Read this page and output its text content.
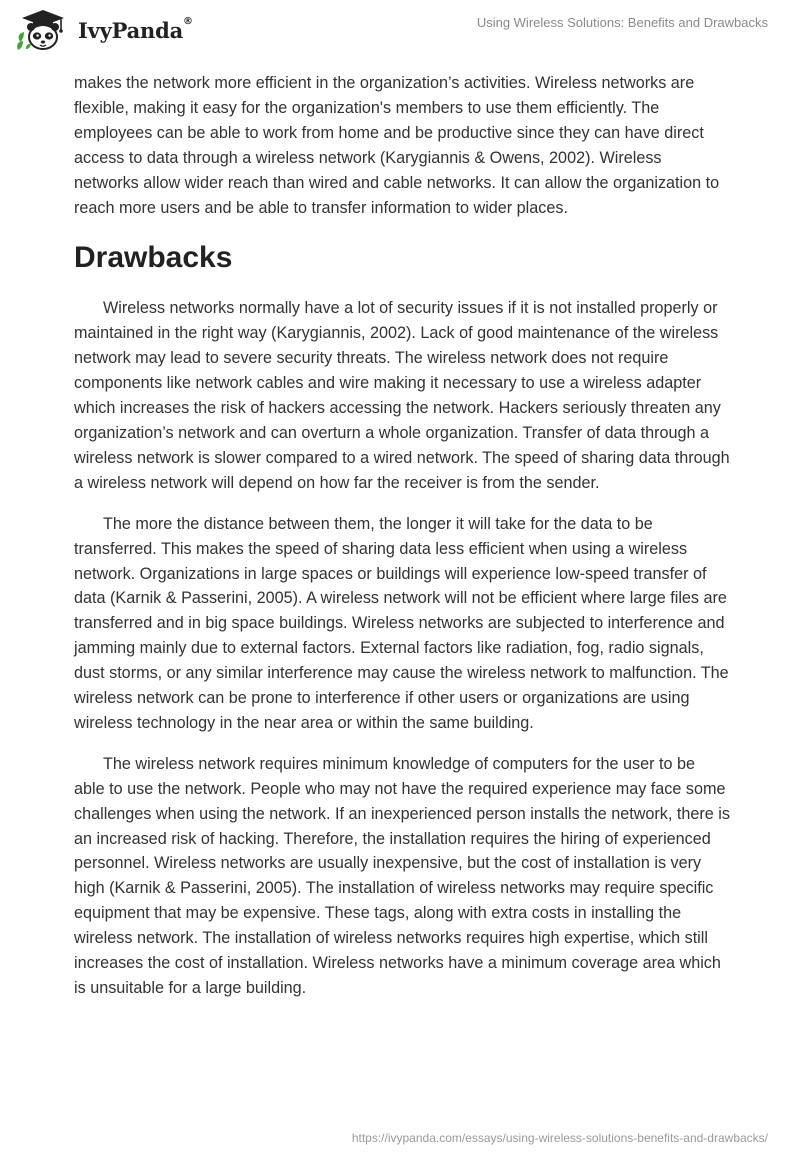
IvyPanda®	Using Wireless Solutions: Benefits and Drawbacks

makes the network more efficient in the organization’s activities. Wireless networks are flexible, making it easy for the organization's members to use them efficiently. The employees can be able to work from home and be productive since they can have direct access to data through a wireless network (Karygiannis & Owens, 2002). Wireless networks allow wider reach than wired and cable networks. It can allow the organization to reach more users and be able to transfer information to wider places.

Drawbacks

Wireless networks normally have a lot of security issues if it is not installed properly or maintained in the right way (Karygiannis, 2002). Lack of good maintenance of the wireless network may lead to severe security threats. The wireless network does not require components like network cables and wire making it necessary to use a wireless adapter which increases the risk of hackers accessing the network. Hackers seriously threaten any organization’s network and can overturn a whole organization. Transfer of data through a wireless network is slower compared to a wired network. The speed of sharing data through a wireless network will depend on how far the receiver is from the sender.

The more the distance between them, the longer it will take for the data to be transferred. This makes the speed of sharing data less efficient when using a wireless network. Organizations in large spaces or buildings will experience low-speed transfer of data (Karnik & Passerini, 2005). A wireless network will not be efficient where large files are transferred and in big space buildings. Wireless networks are subjected to interference and jamming mainly due to external factors. External factors like radiation, fog, radio signals, dust storms, or any similar interference may cause the wireless network to malfunction. The wireless network can be prone to interference if other users or organizations are using wireless technology in the near area or within the same building.

The wireless network requires minimum knowledge of computers for the user to be able to use the network. People who may not have the required experience may face some challenges when using the network. If an inexperienced person installs the network, there is an increased risk of hacking. Therefore, the installation requires the hiring of experienced personnel. Wireless networks are usually inexpensive, but the cost of installation is very high (Karnik & Passerini, 2005). The installation of wireless networks may require specific equipment that may be expensive. These tags, along with extra costs in installing the wireless network. The installation of wireless networks requires high expertise, which still increases the cost of installation. Wireless networks have a minimum coverage area which is unsuitable for a large building.

https://ivypanda.com/essays/using-wireless-solutions-benefits-and-drawbacks/
